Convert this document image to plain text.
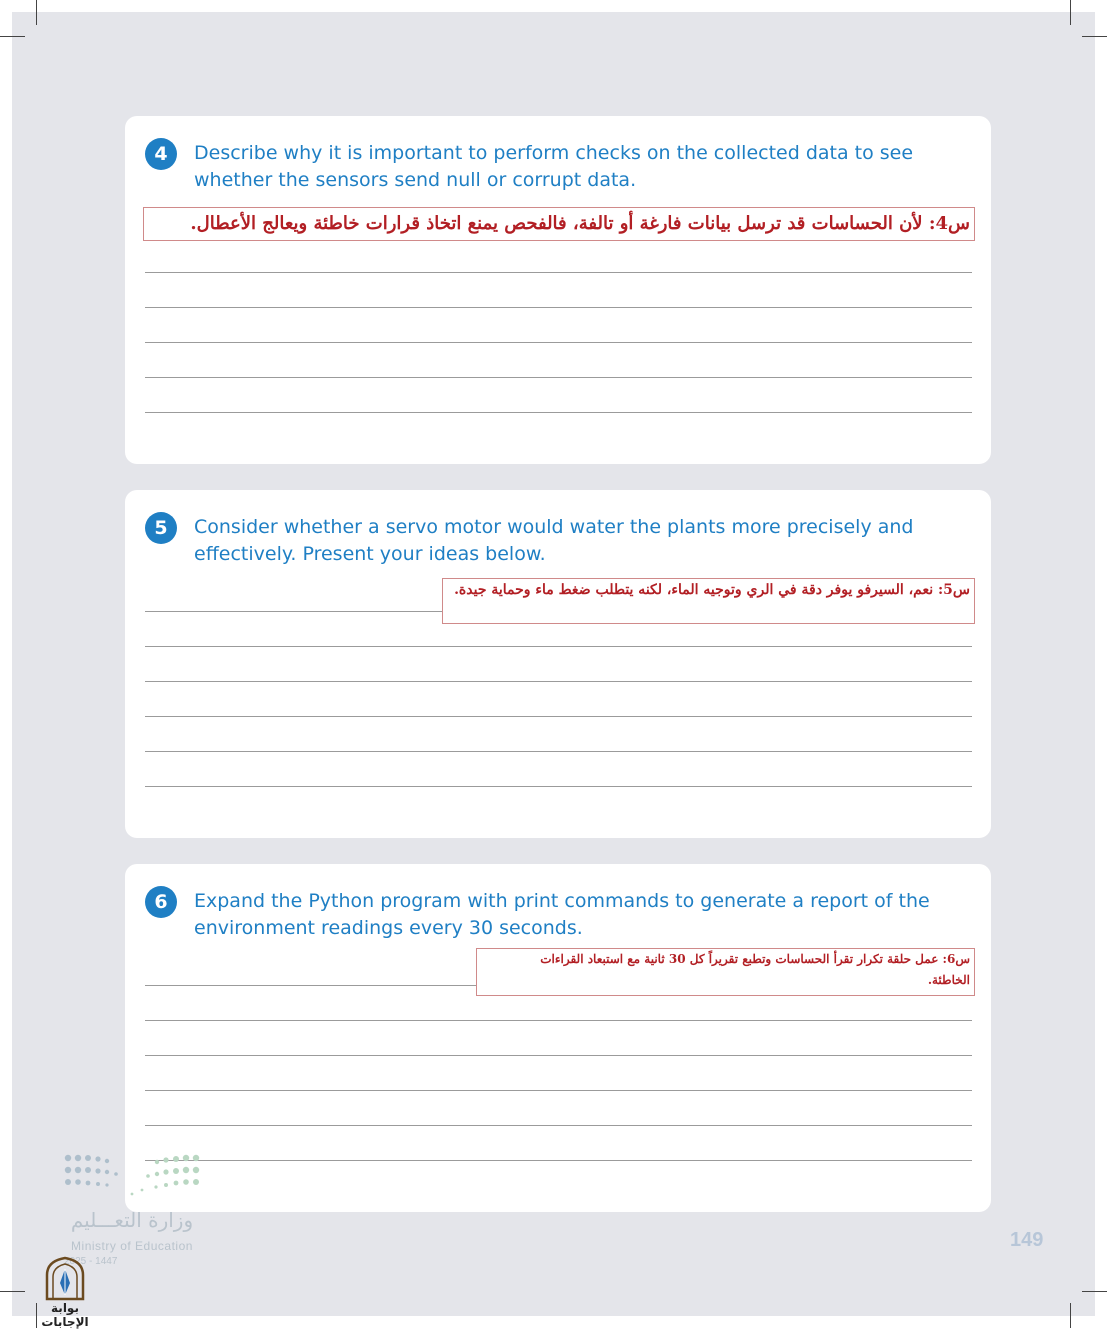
4	Describe why it is important to perform checks on the collected data to see whether the sensors send null or corrupt data.
س4: لأن الحساسات قد ترسل بيانات فارغة أو تالفة، فالفحص يمنع اتخاذ قرارات خاطئة ويعالج الأعطال.
5	Consider whether a servo motor would water the plants more precisely and effectively. Present your ideas below.
س5: نعم، السيرفو يوفر دقة في الري وتوجيه الماء، لكنه يتطلب ضغط ماء وحماية جيدة.
6	Expand the Python program with print commands to generate a report of the environment readings every 30 seconds.
س6: عمل حلقة تكرار تقرأ الحساسات وتطبع تقريراً كل 30 ثانية مع استبعاد القراءات
الخاطئة.
وزارة التعـــليم
Ministry of Education
2025 - 1447
149
بوابة الإجابات
